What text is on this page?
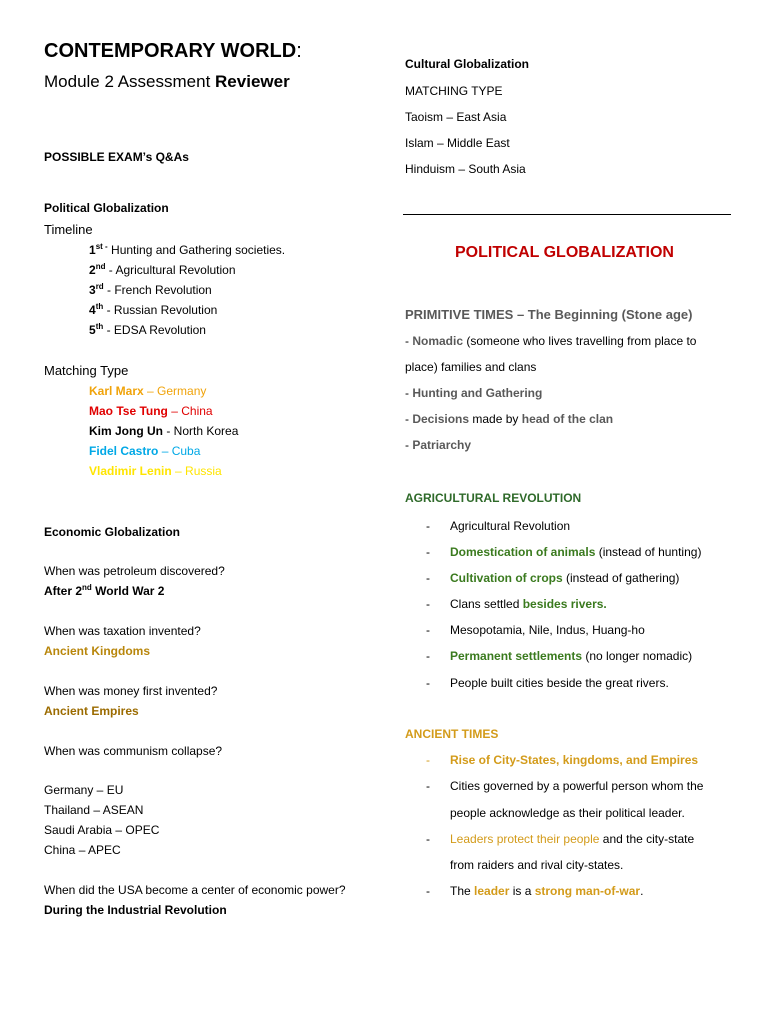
CONTEMPORARY WORLD:
Module 2 Assessment Reviewer
POSSIBLE EXAM’s Q&As
Political Globalization
Timeline
$1^{st -}$ Hunting and Gathering societies.
2nd - Agricultural Revolution
3rd - French Revolution
4th - Russian Revolution
5th - EDSA Revolution
Matching Type
Karl Marx – Germany
Mao Tse Tung – China
Kim Jong Un - North Korea
Fidel Castro – Cuba
Vladimir Lenin – Russia
Economic Globalization
When was petroleum discovered?
After 2nd World War 2
When was taxation invented?
Ancient Kingdoms
When was money first invented?
Ancient Empires
When was communism collapse?
Germany – EU
Thailand – ASEAN
Saudi Arabia – OPEC
China – APEC
When did the USA become a center of economic power?
During the Industrial Revolution
Cultural Globalization
MATCHING TYPE
Taoism – East Asia
Islam – Middle East
Hinduism – South Asia
POLITICAL GLOBALIZATION
PRIMITIVE TIMES – The Beginning (Stone age)
- Nomadic (someone who lives travelling from place to
place) families and clans
- Hunting and Gathering
- Decisions made by head of the clan
- Patriarchy
AGRICULTURAL REVOLUTION
- Agricultural Revolution
- Domestication of animals (instead of hunting)
- Cultivation of crops (instead of gathering)
- Clans settled besides rivers.
- Mesopotamia, Nile, Indus, Huang-ho
- Permanent settlements (no longer nomadic)
- People built cities beside the great rivers.
ANCIENT TIMES
- Rise of City-States, kingdoms, and Empires
- Cities governed by a powerful person whom the
people acknowledge as their political leader.
- Leaders protect their people and the city-state
from raiders and rival city-states.
- The leader is a strong man-of-war.
